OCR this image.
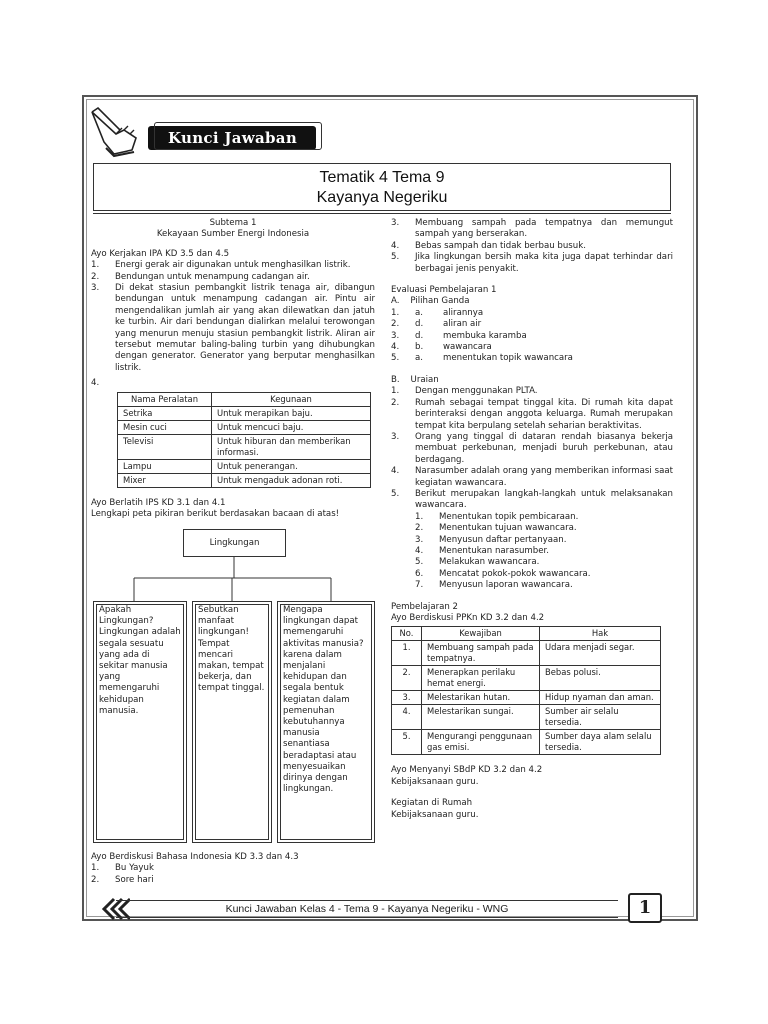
Kunci Jawaban
Tematik 4 Tema 9
Kayanya Negeriku
Subtema 1
Kekayaan Sumber Energi Indonesia
Ayo Kerjakan IPA KD 3.5 dan 4.5
1.	Energi gerak air digunakan untuk menghasilkan listrik.
2.	Bendungan untuk menampung cadangan air.
3.	Di dekat stasiun pembangkit listrik tenaga air, dibangun bendungan untuk menampung cadangan air. Pintu air mengendalikan jumlah air yang akan dilewatkan dan jatuh ke turbin. Air dari bendungan dialirkan melalui terowongan yang menurun menuju stasiun pembangkit listrik. Aliran air tersebut memutar baling-baling turbin yang dihubungkan dengan generator. Generator yang berputar menghasilkan listrik.
4.
Nama Peralatan	Kegunaan
Setrika	Untuk merapikan baju.
Mesin cuci	Untuk mencuci baju.
Televisi	Untuk hiburan dan memberikan informasi.
Lampu	Untuk penerangan.
Mixer	Untuk mengaduk adonan roti.
Ayo Berlatih IPS KD 3.1 dan 4.1
Lengkapi peta pikiran berikut berdasakan bacaan di atas!
Lingkungan
Apakah Lingkungan? Lingkungan adalah segala sesuatu yang ada di sekitar manusia yang memengaruhi kehidupan manusia.
Sebutkan manfaat lingkungan! Tempat mencari makan, tempat bekerja, dan tempat tinggal.
Mengapa lingkungan dapat memengaruhi aktivitas manusia? karena dalam menjalani kehidupan dan segala bentuk kegiatan dalam pemenuhan kebutuhannya manusia senantiasa beradaptasi atau menyesuaikan dirinya dengan lingkungan.
Ayo Berdiskusi Bahasa Indonesia KD 3.3 dan 4.3
1.	Bu Yayuk
2.	Sore hari
3.	Membuang sampah pada tempatnya dan memungut sampah yang berserakan.
4.	Bebas sampah dan tidak berbau busuk.
5.	Jika lingkungan bersih maka kita juga dapat terhindar dari berbagai jenis penyakit.
Evaluasi Pembelajaran 1
A.    Pilihan Ganda
1.	a.	alirannya
2.	d.	aliran air
3.	d.	membuka karamba
4.	b.	wawancara
5.	a.	menentukan topik wawancara
B.    Uraian
1.	Dengan menggunakan PLTA.
2.	Rumah sebagai tempat tinggal kita. Di rumah kita dapat berinteraksi dengan anggota keluarga. Rumah merupakan tempat kita berpulang setelah seharian beraktivitas.
3.	Orang yang tinggal di dataran rendah biasanya bekerja membuat perkebunan, menjadi buruh perkebunan, atau berdagang.
4.	Narasumber adalah orang yang memberikan informasi saat kegiatan wawancara.
5.	Berikut merupakan langkah-langkah untuk melaksanakan wawancara.
1.	Menentukan topik pembicaraan.
2.	Menentukan tujuan wawancara.
3.	Menyusun daftar pertanyaan.
4.	Menentukan narasumber.
5.	Melakukan wawancara.
6.	Mencatat pokok-pokok wawancara.
7.	Menyusun laporan wawancara.
Pembelajaran 2
Ayo Berdiskusi PPKn KD 3.2 dan 4.2
No.	Kewajiban	Hak
1.	Membuang sampah pada tempatnya.	Udara menjadi segar.
2.	Menerapkan perilaku hemat energi.	Bebas polusi.
3.	Melestarikan hutan.	Hidup nyaman dan aman.
4.	Melestarikan sungai.	Sumber air selalu tersedia.
5.	Mengurangi penggunaan gas emisi.	Sumber daya alam selalu tersedia.
Ayo Menyanyi SBdP KD 3.2 dan 4.2
Kebijaksanaan guru.
Kegiatan di Rumah
Kebijaksanaan guru.
Kunci Jawaban Kelas 4 - Tema 9 - Kayanya Negeriku - WNG	1
